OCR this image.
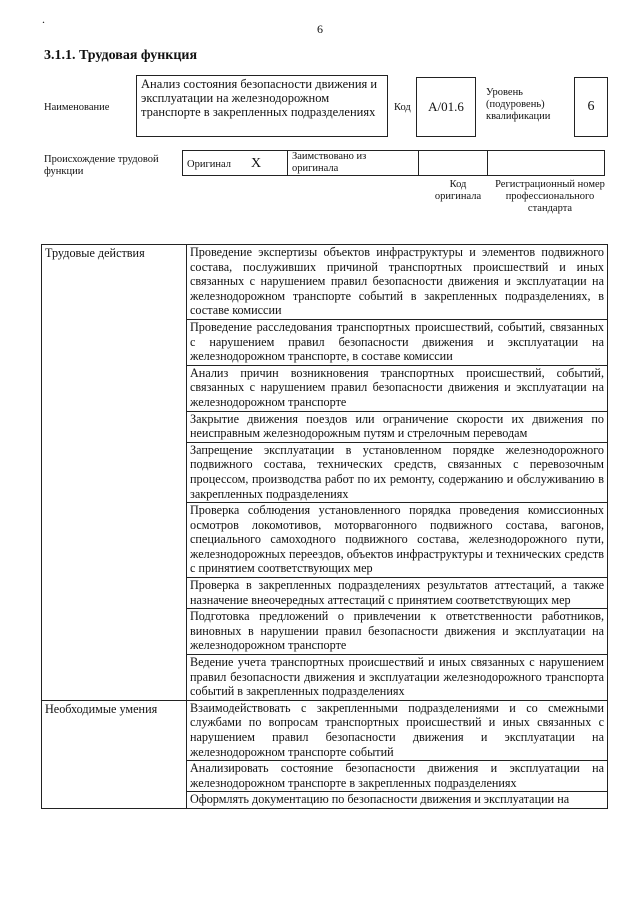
.
6
3.1.1. Трудовая функция
Наименование
Анализ состояния безопасности движения и эксплуатации на железнодорожном транспорте в закрепленных подразделениях	Код	A/01.6
Уровень (подуровень) квалификации
6
Происхождение трудовой функции
Оригинал X	Заимствовано из оригинала		
Код оригинала
Регистрационный номер профессионального стандарта
Трудовые действия	Проведение экспертизы объектов инфраструктуры и элементов подвижного состава, послуживших причиной транспортных происшествий и иных связанных с нарушением правил безопасности движения и эксплуатации на железнодорожном транспорте событий в закрепленных подразделениях, в составе комиссии
	Проведение расследования транспортных происшествий, событий, связанных с нарушением правил безопасности движения и эксплуатации на железнодорожном транспорте, в составе комиссии
	Анализ причин возникновения транспортных происшествий, событий, связанных с нарушением правил безопасности движения и эксплуатации на железнодорожном транспорте
	Закрытие движения поездов или ограничение скорости их движения по неисправным железнодорожным путям и стрелочным переводам
	Запрещение эксплуатации в установленном порядке железнодорожного подвижного состава, технических средств, связанных с перевозочным процессом, производства работ по их ремонту, содержанию и обслуживанию в закрепленных подразделениях
	Проверка соблюдения установленного порядка проведения комиссионных осмотров локомотивов, моторвагонного подвижного состава, вагонов, специального самоходного подвижного состава, железнодорожного пути, железнодорожных переездов, объектов инфраструктуры и технических средств с принятием соответствующих мер
	Проверка в закрепленных подразделениях результатов аттестаций, а также назначение внеочередных аттестаций с принятием соответствующих мер
	Подготовка предложений о привлечении к ответственности работников, виновных в нарушении правил безопасности движения и эксплуатации на железнодорожном транспорте
	Ведение учета транспортных происшествий и иных связанных с нарушением правил безопасности движения и эксплуатации железнодорожного транспорта событий в закрепленных подразделениях
Необходимые умения	Взаимодействовать с закрепленными подразделениями и со смежными службами по вопросам транспортных происшествий и иных связанных с нарушением правил безопасности движения и эксплуатации на железнодорожном транспорте событий
	Анализировать состояние безопасности движения и эксплуатации на железнодорожном транспорте в закрепленных подразделениях
	Оформлять документацию по безопасности движения и эксплуатации на
